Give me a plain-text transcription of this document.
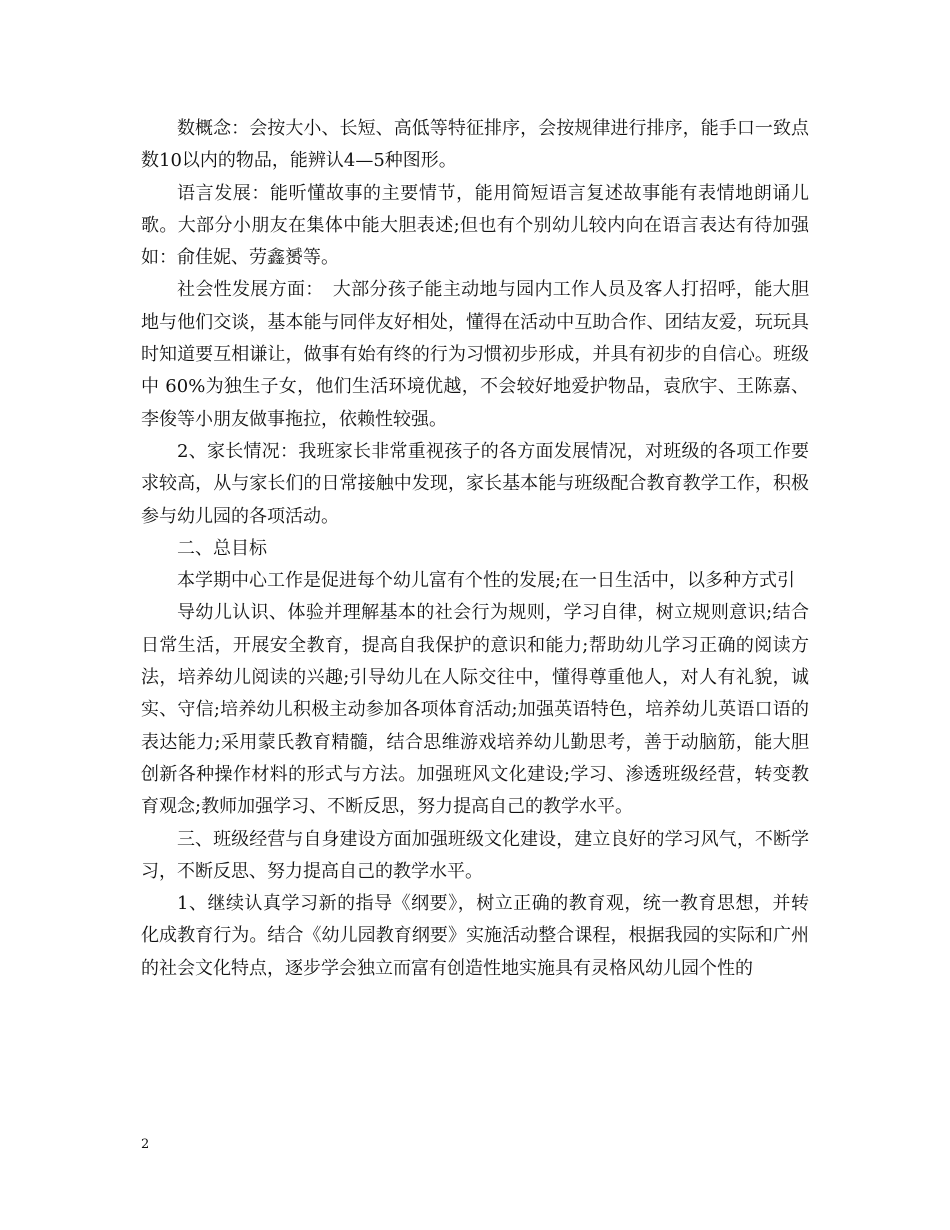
数概念：会按大小、长短、高低等特征排序，会按规律进行排序，能手口一致点数10以内的物品，能辨认4—5种图形。

语言发展：能听懂故事的主要情节，能用简短语言复述故事能有表情地朗诵儿歌。大部分小朋友在集体中能大胆表述;但也有个别幼儿较内向在语言表达有待加强如：俞佳妮、劳鑫赟等。

社会性发展方面：　大部分孩子能主动地与园内工作人员及客人打招呼，能大胆地与他们交谈，基本能与同伴友好相处，懂得在活动中互助合作、团结友爱，玩玩具时知道要互相谦让，做事有始有终的行为习惯初步形成，并具有初步的自信心。班级中 60%为独生子女，他们生活环境优越，不会较好地爱护物品，袁欣宇、王陈嘉、李俊等小朋友做事拖拉，依赖性较强。

2、家长情况：我班家长非常重视孩子的各方面发展情况，对班级的各项工作要求较高，从与家长们的日常接触中发现，家长基本能与班级配合教育教学工作，积极参与幼儿园的各项活动。

二、总目标

本学期中心工作是促进每个幼儿富有个性的发展;在一日生活中，以多种方式引

导幼儿认识、体验并理解基本的社会行为规则，学习自律，树立规则意识;结合日常生活，开展安全教育，提高自我保护的意识和能力;帮助幼儿学习正确的阅读方法，培养幼儿阅读的兴趣;引导幼儿在人际交往中，懂得尊重他人，对人有礼貌，诚实、守信;培养幼儿积极主动参加各项体育活动;加强英语特色，培养幼儿英语口语的表达能力;采用蒙氏教育精髓，结合思维游戏培养幼儿勤思考，善于动脑筋，能大胆创新各种操作材料的形式与方法。加强班风文化建设;学习、渗透班级经营，转变教育观念;教师加强学习、不断反思，努力提高自己的教学水平。

三、班级经营与自身建设方面加强班级文化建设，建立良好的学习风气，不断学习，不断反思、努力提高自己的教学水平。

1、继续认真学习新的指导《纲要》，树立正确的教育观，统一教育思想，并转化成教育行为。结合《幼儿园教育纲要》实施活动整合课程，根据我园的实际和广州的社会文化特点，逐步学会独立而富有创造性地实施具有灵格风幼儿园个性的

2
